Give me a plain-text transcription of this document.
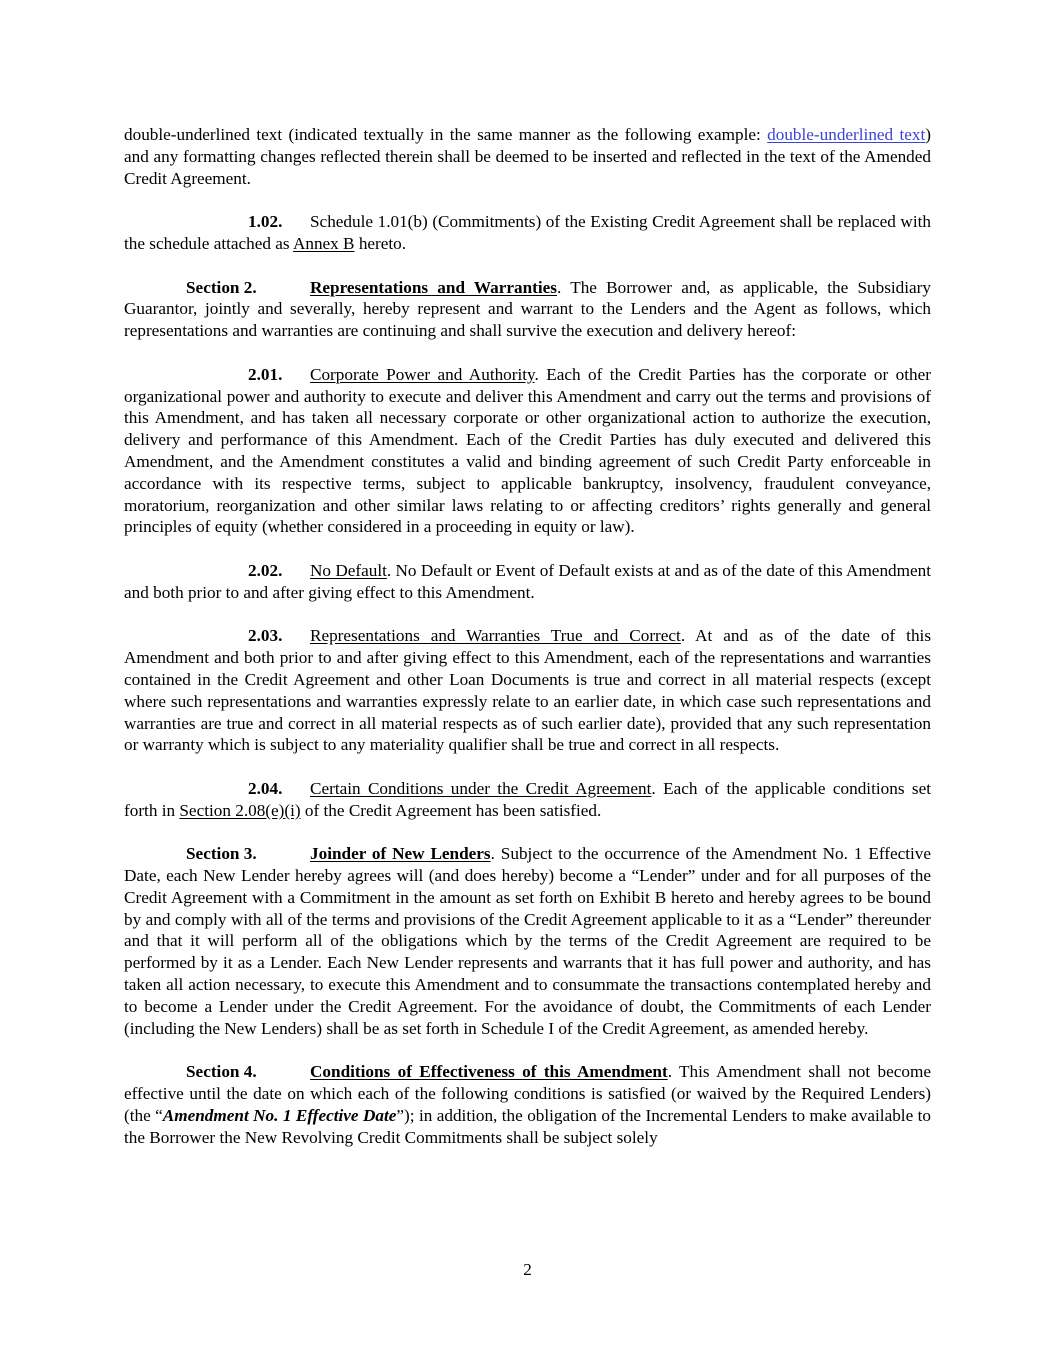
double-underlined text (indicated textually in the same manner as the following example: double-underlined text) and any formatting changes reflected therein shall be deemed to be inserted and reflected in the text of the Amended Credit Agreement.

1.02. Schedule 1.01(b) (Commitments) of the Existing Credit Agreement shall be replaced with the schedule attached as Annex B hereto.

Section 2.	Representations and Warranties. The Borrower and, as applicable, the Subsidiary Guarantor, jointly and severally, hereby represent and warrant to the Lenders and the Agent as follows, which representations and warranties are continuing and shall survive the execution and delivery hereof:

2.01. Corporate Power and Authority. Each of the Credit Parties has the corporate or other organizational power and authority to execute and deliver this Amendment and carry out the terms and provisions of this Amendment, and has taken all necessary corporate or other organizational action to authorize the execution, delivery and performance of this Amendment. Each of the Credit Parties has duly executed and delivered this Amendment, and the Amendment constitutes a valid and binding agreement of such Credit Party enforceable in accordance with its respective terms, subject to applicable bankruptcy, insolvency, fraudulent conveyance, moratorium, reorganization and other similar laws relating to or affecting creditors’ rights generally and general principles of equity (whether considered in a proceeding in equity or law).

2.02. No Default. No Default or Event of Default exists at and as of the date of this Amendment and both prior to and after giving effect to this Amendment.

2.03. Representations and Warranties True and Correct. At and as of the date of this Amendment and both prior to and after giving effect to this Amendment, each of the representations and warranties contained in the Credit Agreement and other Loan Documents is true and correct in all material respects (except where such representations and warranties expressly relate to an earlier date, in which case such representations and warranties are true and correct in all material respects as of such earlier date), provided that any such representation or warranty which is subject to any materiality qualifier shall be true and correct in all respects.

2.04. Certain Conditions under the Credit Agreement. Each of the applicable conditions set forth in Section 2.08(e)(i) of the Credit Agreement has been satisfied.

Section 3.	Joinder of New Lenders. Subject to the occurrence of the Amendment No. 1 Effective Date, each New Lender hereby agrees will (and does hereby) become a “Lender” under and for all purposes of the Credit Agreement with a Commitment in the amount as set forth on Exhibit B hereto and hereby agrees to be bound by and comply with all of the terms and provisions of the Credit Agreement applicable to it as a “Lender” thereunder and that it will perform all of the obligations which by the terms of the Credit Agreement are required to be performed by it as a Lender. Each New Lender represents and warrants that it has full power and authority, and has taken all action necessary, to execute this Amendment and to consummate the transactions contemplated hereby and to become a Lender under the Credit Agreement. For the avoidance of doubt, the Commitments of each Lender (including the New Lenders) shall be as set forth in Schedule I of the Credit Agreement, as amended hereby.

Section 4.	Conditions of Effectiveness of this Amendment. This Amendment shall not become effective until the date on which each of the following conditions is satisfied (or waived by the Required Lenders) (the “Amendment No. 1 Effective Date”); in addition, the obligation of the Incremental Lenders to make available to the Borrower the New Revolving Credit Commitments shall be subject solely

2
